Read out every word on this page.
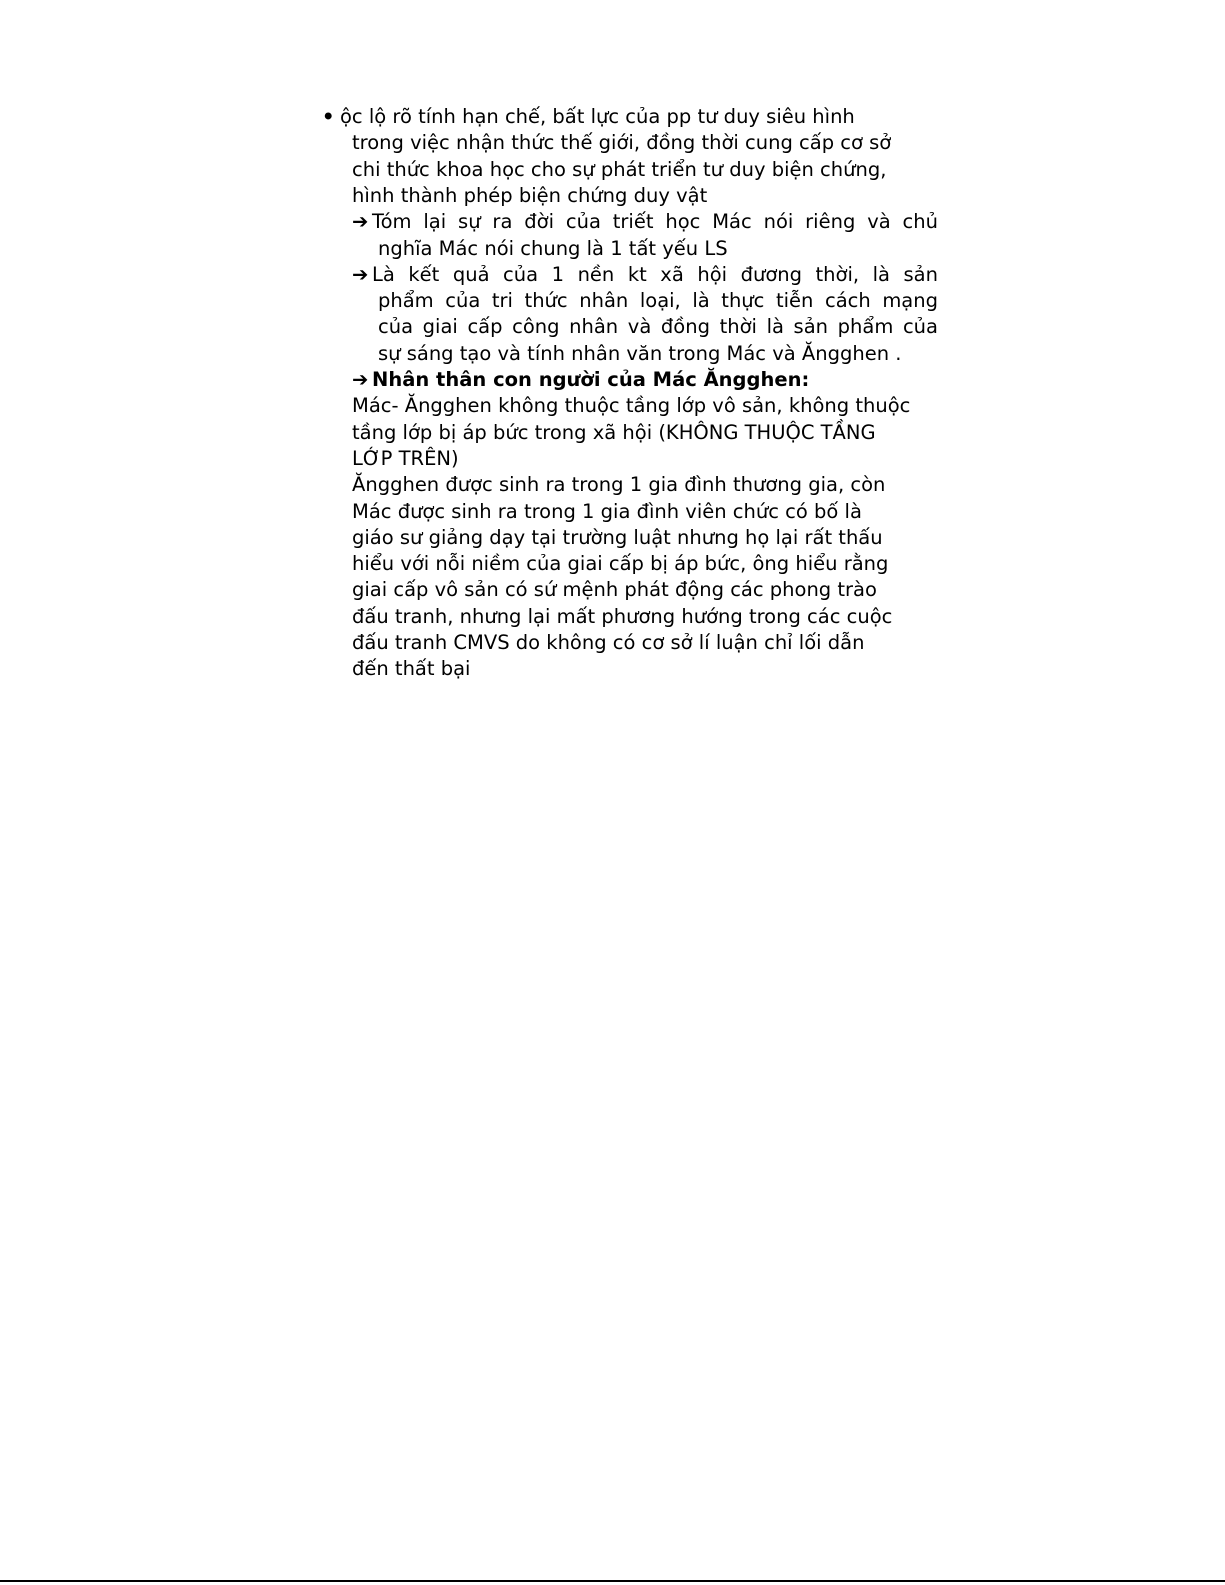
• ộc lộ rõ tính hạn chế, bất lực của pp tư duy siêu hình
trong việc nhận thức thế giới, đồng thời cung cấp cơ sở
chi thức khoa học cho sự phát triển tư duy biện chứng,
hình thành phép biện chứng duy vật
➔ Tóm lại sự ra đời của triết học Mác nói riêng và chủ
nghĩa Mác nói chung là 1 tất yếu LS
➔ Là kết quả của 1 nền kt xã hội đương thời, là sản
phẩm của tri thức nhân loại, là thực tiễn cách mạng
của giai cấp công nhân và đồng thời là sản phẩm của
sự sáng tạo và tính nhân văn trong Mác và Ăngghen .
➔ Nhân thân con người của Mác Ăngghen:
Mác- Ăngghen không thuộc tầng lớp vô sản, không thuộc
tầng lớp bị áp bức trong xã hội (KHÔNG THUỘC TẦNG
LỚP TRÊN)
Ăngghen được sinh ra trong 1 gia đình thương gia, còn
Mác được sinh ra trong 1 gia đình viên chức có bố là
giáo sư giảng dạy tại trường luật nhưng họ lại rất thấu
hiểu với nỗi niềm của giai cấp bị áp bức, ông hiểu rằng
giai cấp vô sản có sứ mệnh phát động các phong trào
đấu tranh, nhưng lại mất phương hướng trong các cuộc
đấu tranh CMVS do không có cơ sở lí luận chỉ lối dẫn
đến thất bại
